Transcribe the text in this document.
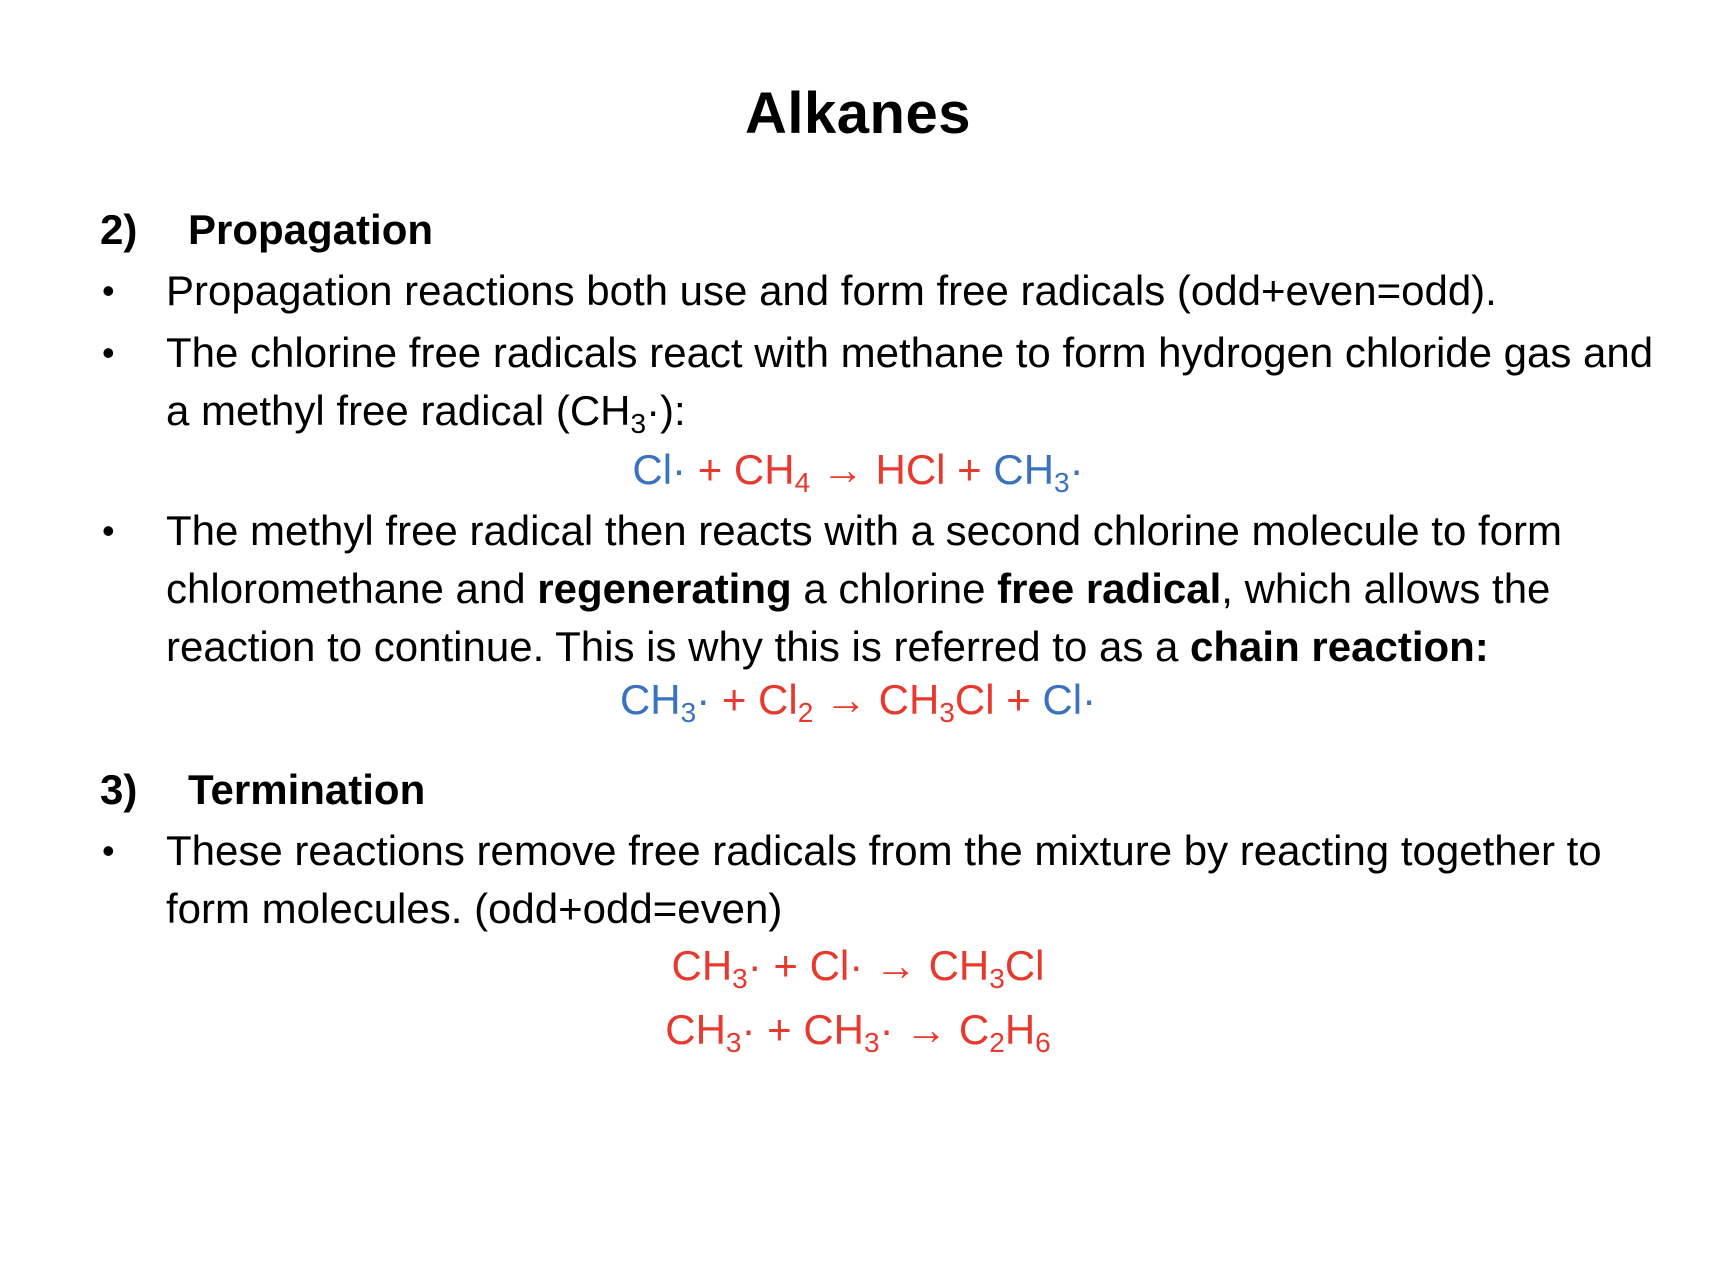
Alkanes
2)	Propagation
•	Propagation reactions both use and form free radicals (odd+even=odd).
•	The chlorine free radicals react with methane to form hydrogen chloride gas and a methyl free radical $(CH_3\cdot)$:
$Cl\cdot + CH_4$ → HCl + $CH_3\cdot$
•	The methyl free radical then reacts with a second chlorine molecule to form chloromethane and regenerating a chlorine free radical, which allows the reaction to continue. This is why this is referred to as a chain reaction:
$CH_3\cdot + Cl_2 \to CH_3Cl + Cl\cdot$
3)	Termination
•	These reactions remove free radicals from the mixture by reacting together to form molecules. (odd+odd=even)
$CH_3\cdot + Cl\cdot \to CH_3Cl$
$CH_3\cdot + CH_3\cdot \to C_2H_6$
